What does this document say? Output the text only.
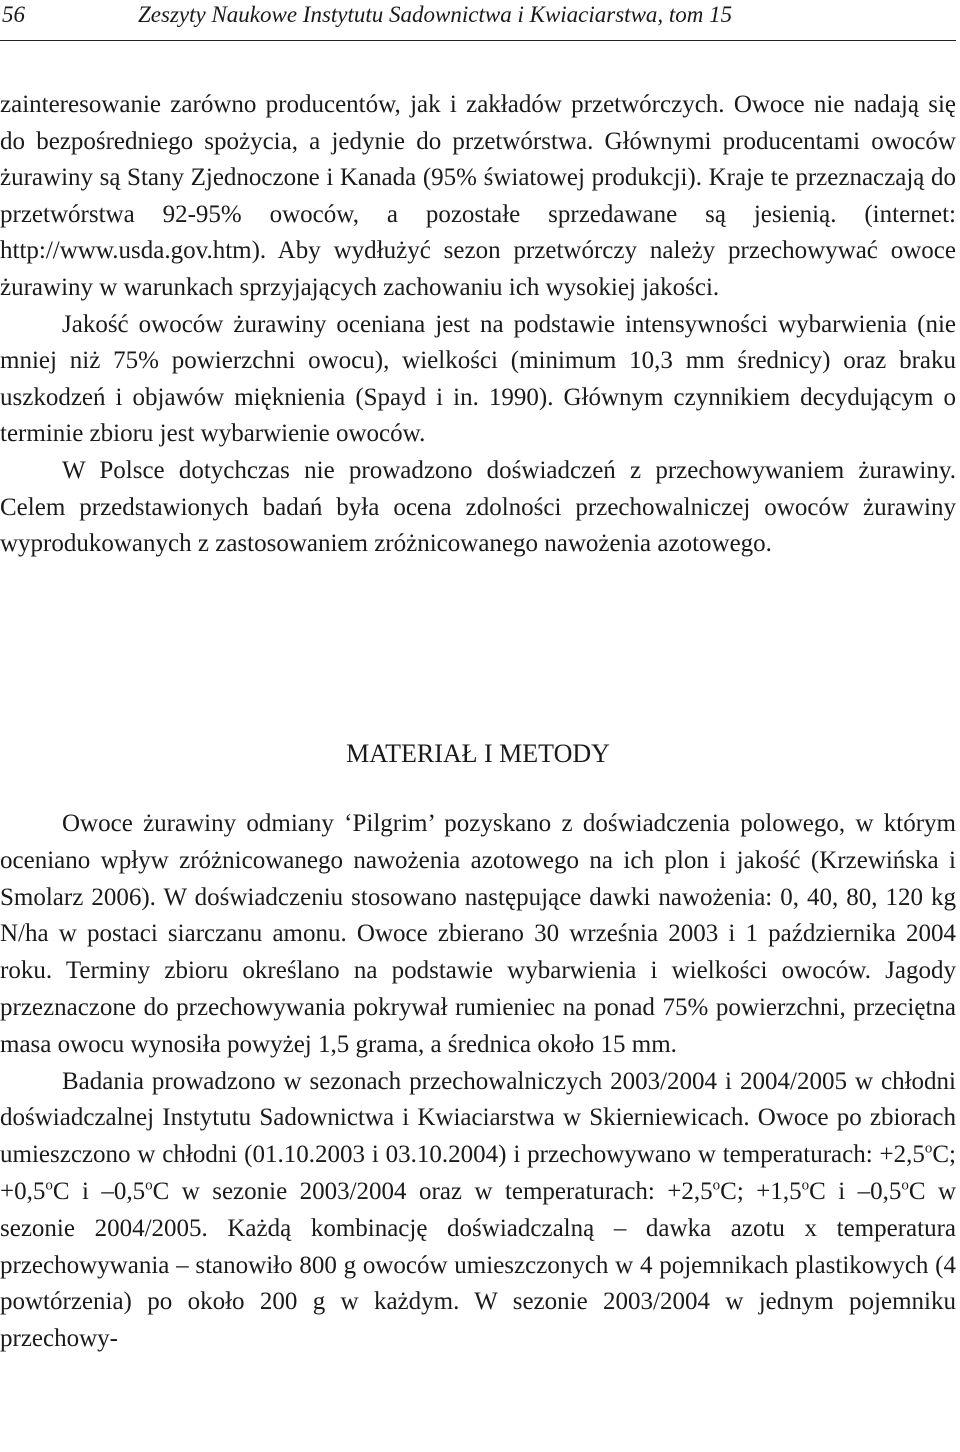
56	Zeszyty Naukowe Instytutu Sadownictwa i Kwiaciarstwa, tom 15

zainteresowanie zarówno producentów, jak i zakładów przetwórczych. Owoce nie nadają się do bezpośredniego spożycia, a jedynie do przetwórstwa. Głównymi producentami owoców żurawiny są Stany Zjednoczone i Kanada (95% światowej produkcji). Kraje te przeznaczają do przetwórstwa 92-95% owoców, a pozostałe sprzedawane są jesienią. (internet: http://www.usda.gov.htm). Aby wydłużyć sezon przetwórczy należy przechowywać owoce żurawiny w warunkach sprzyjających zachowaniu ich wysokiej jakości.

Jakość owoców żurawiny oceniana jest na podstawie intensywności wybarwienia (nie mniej niż 75% powierzchni owocu), wielkości (minimum 10,3 mm średnicy) oraz braku uszkodzeń i objawów mięknienia (Spayd i in. 1990). Głównym czynnikiem decydującym o terminie zbioru jest wybarwienie owoców.

W Polsce dotychczas nie prowadzono doświadczeń z przechowywaniem żurawiny. Celem przedstawionych badań była ocena zdolności przechowalniczej owoców żurawiny wyprodukowanych z zastosowaniem zróżnicowanego nawożenia azotowego.

MATERIAŁ I METODY

Owoce żurawiny odmiany ‘Pilgrim’ pozyskano z doświadczenia polowego, w którym oceniano wpływ zróżnicowanego nawożenia azotowego na ich plon i jakość (Krzewińska i Smolarz 2006). W doświadczeniu stosowano następujące dawki nawożenia: 0, 40, 80, 120 kg N/ha w postaci siarczanu amonu. Owoce zbierano 30 września 2003 i 1 października 2004 roku. Terminy zbioru określano na podstawie wybarwienia i wielkości owoców. Jagody przeznaczone do przechowywania pokrywał rumieniec na ponad 75% powierzchni, przeciętna masa owocu wynosiła powyżej 1,5 grama, a średnica około 15 mm.

Badania prowadzono w sezonach przechowalniczych 2003/2004 i 2004/2005 w chłodni doświadczalnej Instytutu Sadownictwa i Kwiaciarstwa w Skierniewicach. Owoce po zbiorach umieszczono w chłodni (01.10.2003 i 03.10.2004) i przechowywano w temperaturach: $+2,5^oC$; $+0,5^oC$ i –0,5$^o$C w sezonie 2003/2004 oraz w temperaturach: $+2,5^oC$; $+1,5^oC$ i –0,5$^o$C w sezonie 2004/2005. Każdą kombinację doświadczalną – dawka azotu x temperatura przechowywania – stanowiło 800 g owoców umieszczonych w 4 pojemnikach plastikowych (4 powtórzenia) po około 200 g w każdym. W sezonie 2003/2004 w jednym pojemniku przechowy-
